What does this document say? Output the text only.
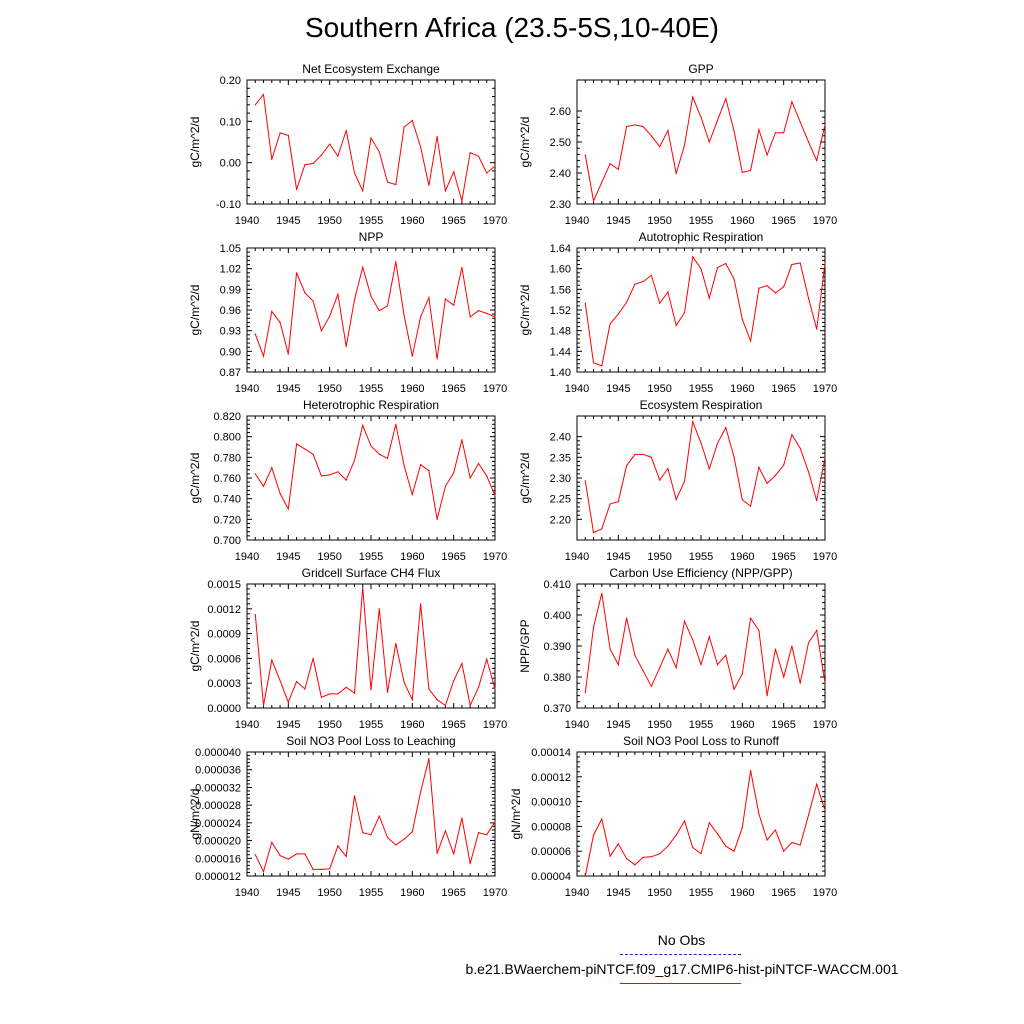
Southern Africa (23.5-5S,10-40E)
Net Ecosystem Exchange
gC/m^2/d
1940 1945 1950 1955 1960 1965 1970
-0.10
0.00
0.10
0.20
GPP
gC/m^2/d
1940 1945 1950 1955 1960 1965 1970
2.30
2.40
2.50
2.60
NPP
gC/m^2/d
1940 1945 1950 1955 1960 1965 1970
0.87
0.90
0.93
0.96
0.99
1.02
1.05
Autotrophic Respiration
gC/m^2/d
1940 1945 1950 1955 1960 1965 1970
1.40
1.44
1.48
1.52
1.56
1.60
1.64
Heterotrophic Respiration
gC/m^2/d
1940 1945 1950 1955 1960 1965 1970
0.700
0.720
0.740
0.760
0.780
0.800
0.820
Ecosystem Respiration
gC/m^2/d
1940 1945 1950 1955 1960 1965 1970
2.20
2.25
2.30
2.35
2.40
Gridcell Surface CH4 Flux
gC/m^2/d
1940 1945 1950 1955 1960 1965 1970
0.0000
0.0003
0.0006
0.0009
0.0012
0.0015
Carbon Use Efficiency (NPP/GPP)
NPP/GPP
1940 1945 1950 1955 1960 1965 1970
0.370
0.380
0.390
0.400
0.410
Soil NO3 Pool Loss to Leaching
gN/m^2/d
1940 1945 1950 1955 1960 1965 1970
0.000012
0.000016
0.000020
0.000024
0.000028
0.000032
0.000036
0.000040
Soil NO3 Pool Loss to Runoff
gN/m^2/d
1940 1945 1950 1955 1960 1965 1970
0.00004
0.00006
0.00008
0.00010
0.00012
0.00014
No Obs
b.e21.BWaerchem-piNTCF.f09_g17.CMIP6-hist-piNTCF-WACCM.001
